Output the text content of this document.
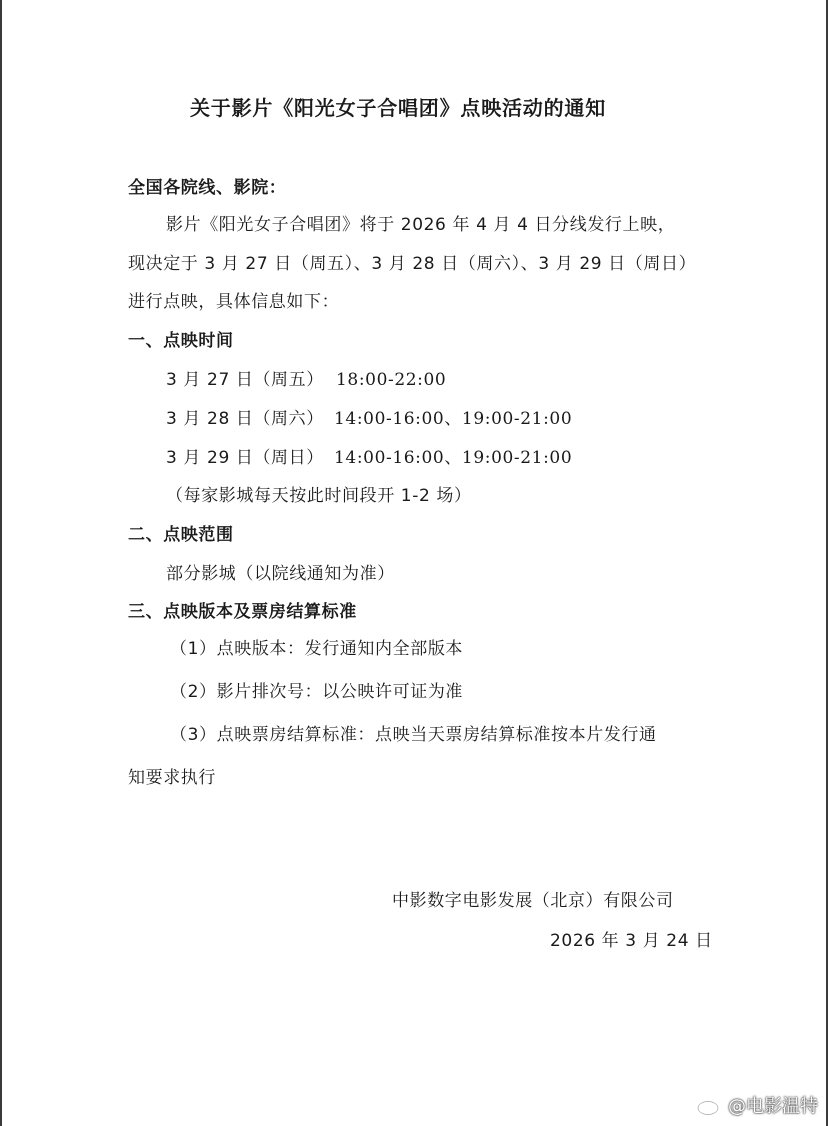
关于影片《阳光女子合唱团》点映活动的通知
全国各院线、影院：
影片《阳光女子合唱团》将于 2026 年 4 月 4 日分线发行上映，
现决定于 3 月 27 日（周五）、3 月 28 日（周六）、3 月 29 日（周日）
进行点映，具体信息如下：
一、点映时间
3 月 27 日（周五） 18:00-22:00
3 月 28 日（周六） 14:00-16:00、19:00-21:00
3 月 29 日（周日） 14:00-16:00、19:00-21:00
（每家影城每天按此时间段开 1-2 场）
二、点映范围
部分影城（以院线通知为准）
三、点映版本及票房结算标准
（1）点映版本：发行通知内全部版本
（2）影片排次号：以公映许可证为准
（3）点映票房结算标准：点映当天票房结算标准按本片发行通
知要求执行
中影数字电影发展（北京）有限公司
2026 年 3 月 24 日
@电影温特
